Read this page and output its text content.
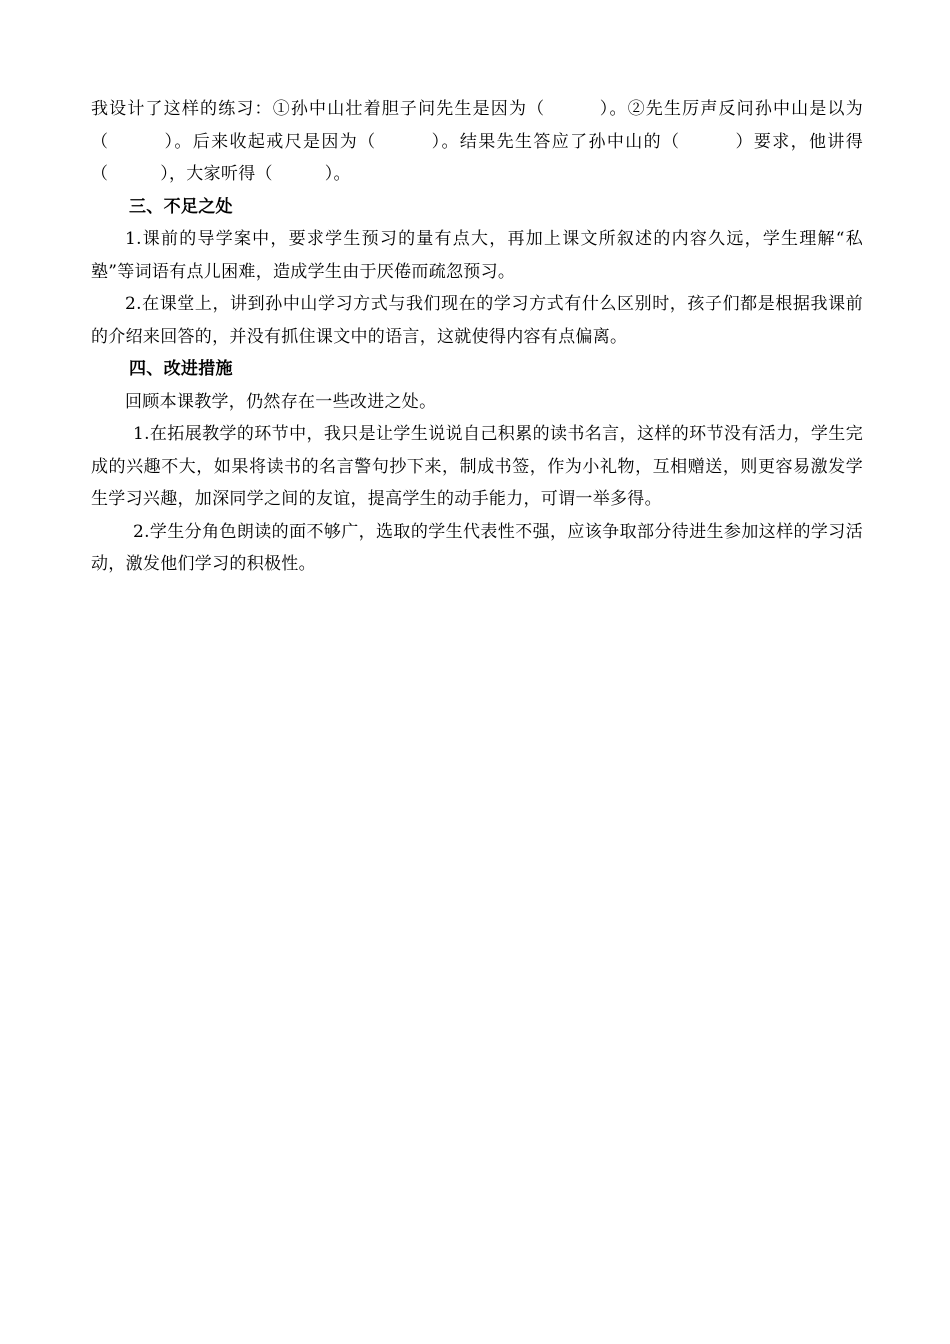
我设计了这样的练习：①孙中山壮着胆子问先生是因为（　　　）。②先生厉声反问孙中山是以为（　　　）。后来收起戒尺是因为（　　　）。结果先生答应了孙中山的（　　　）要求，他讲得（　　　），大家听得（　　　）。

三、不足之处

1.课前的导学案中，要求学生预习的量有点大，再加上课文所叙述的内容久远，学生理解“私塾”等词语有点儿困难，造成学生由于厌倦而疏忽预习。

2.在课堂上，讲到孙中山学习方式与我们现在的学习方式有什么区别时，孩子们都是根据我课前的介绍来回答的，并没有抓住课文中的语言，这就使得内容有点偏离。

四、改进措施

回顾本课教学，仍然存在一些改进之处。

1.在拓展教学的环节中，我只是让学生说说自己积累的读书名言，这样的环节没有活力，学生完成的兴趣不大，如果将读书的名言警句抄下来，制成书签，作为小礼物，互相赠送，则更容易激发学生学习兴趣，加深同学之间的友谊，提高学生的动手能力，可谓一举多得。

2.学生分角色朗读的面不够广，选取的学生代表性不强，应该争取部分待进生参加这样的学习活动，激发他们学习的积极性。
